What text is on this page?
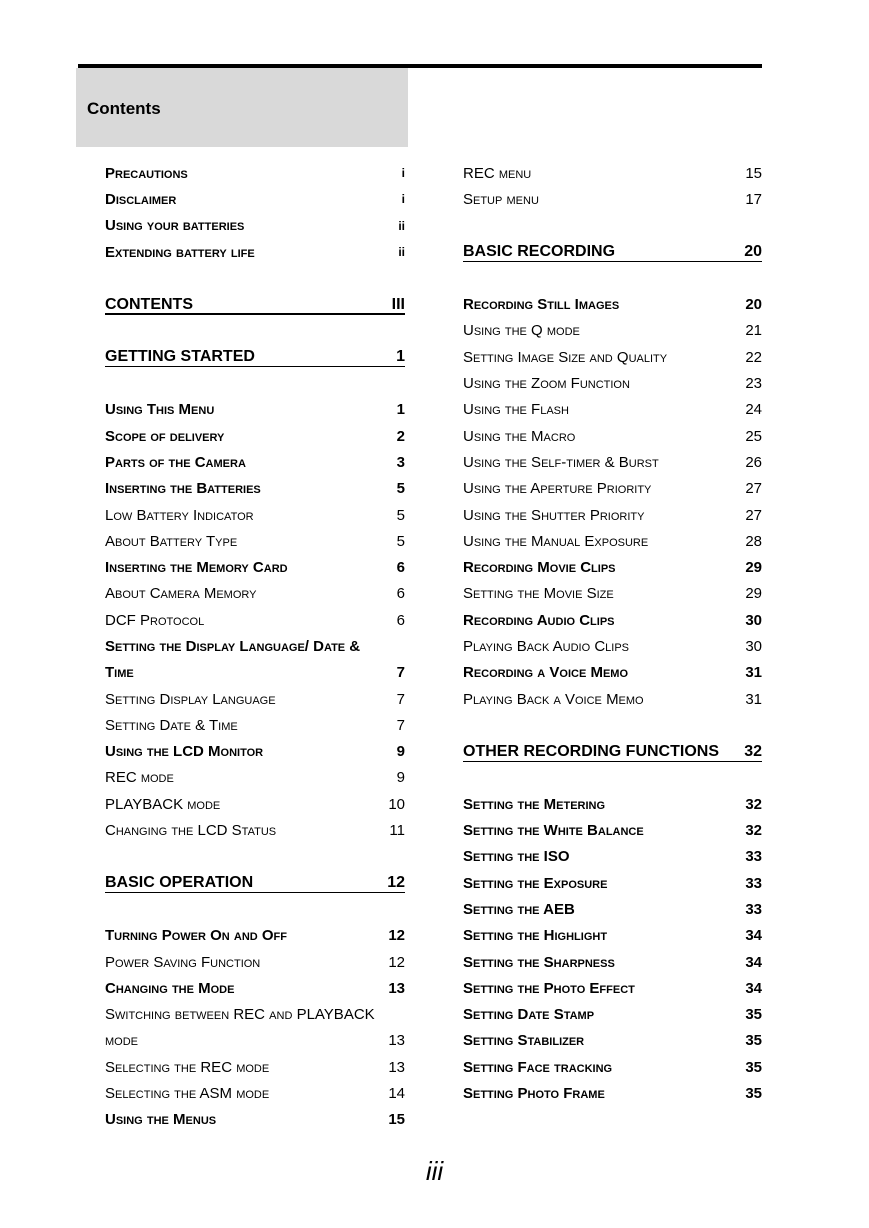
Contents
Precautions	i
Disclaimer	i
Using your batteries	ii
Extending battery life	ii
CONTENTS	III
GETTING STARTED	1
Using This Menu	1
Scope of delivery	2
Parts of the Camera	3
Inserting the Batteries	5
Low Battery Indicator	5
About Battery Type	5
Inserting the Memory Card	6
About Camera Memory	6
DCF Protocol	6
Setting the Display Language/ Date &
Time	7
Setting Display Language	7
Setting Date & Time	7
Using the LCD Monitor	9
REC mode	9
PLAYBACK mode	10
Changing the LCD Status	11
BASIC OPERATION	12
Turning Power On and Off	12
Power Saving Function	12
Changing the Mode	13
Switching between REC and PLAYBACK
mode	13
Selecting the REC mode	13
Selecting the ASM mode	14
Using the Menus	15
REC menu	15
Setup menu	17
BASIC RECORDING	20
Recording Still Images	20
Using the Q mode	21
Setting Image Size and Quality	22
Using the Zoom Function	23
Using the Flash	24
Using the Macro	25
Using the Self-timer & Burst	26
Using the Aperture Priority	27
Using the Shutter Priority	27
Using the Manual Exposure	28
Recording Movie Clips	29
Setting the Movie Size	29
Recording Audio Clips	30
Playing Back Audio Clips	30
Recording a Voice Memo	31
Playing Back a Voice Memo	31
OTHER RECORDING FUNCTIONS 32
Setting the Metering	32
Setting the White Balance	32
Setting the ISO	33
Setting the Exposure	33
Setting the AEB	33
Setting the Highlight	34
Setting the Sharpness	34
Setting the Photo Effect	34
Setting Date Stamp	35
Setting Stabilizer	35
Setting Face tracking	35
Setting Photo Frame	35
iii
